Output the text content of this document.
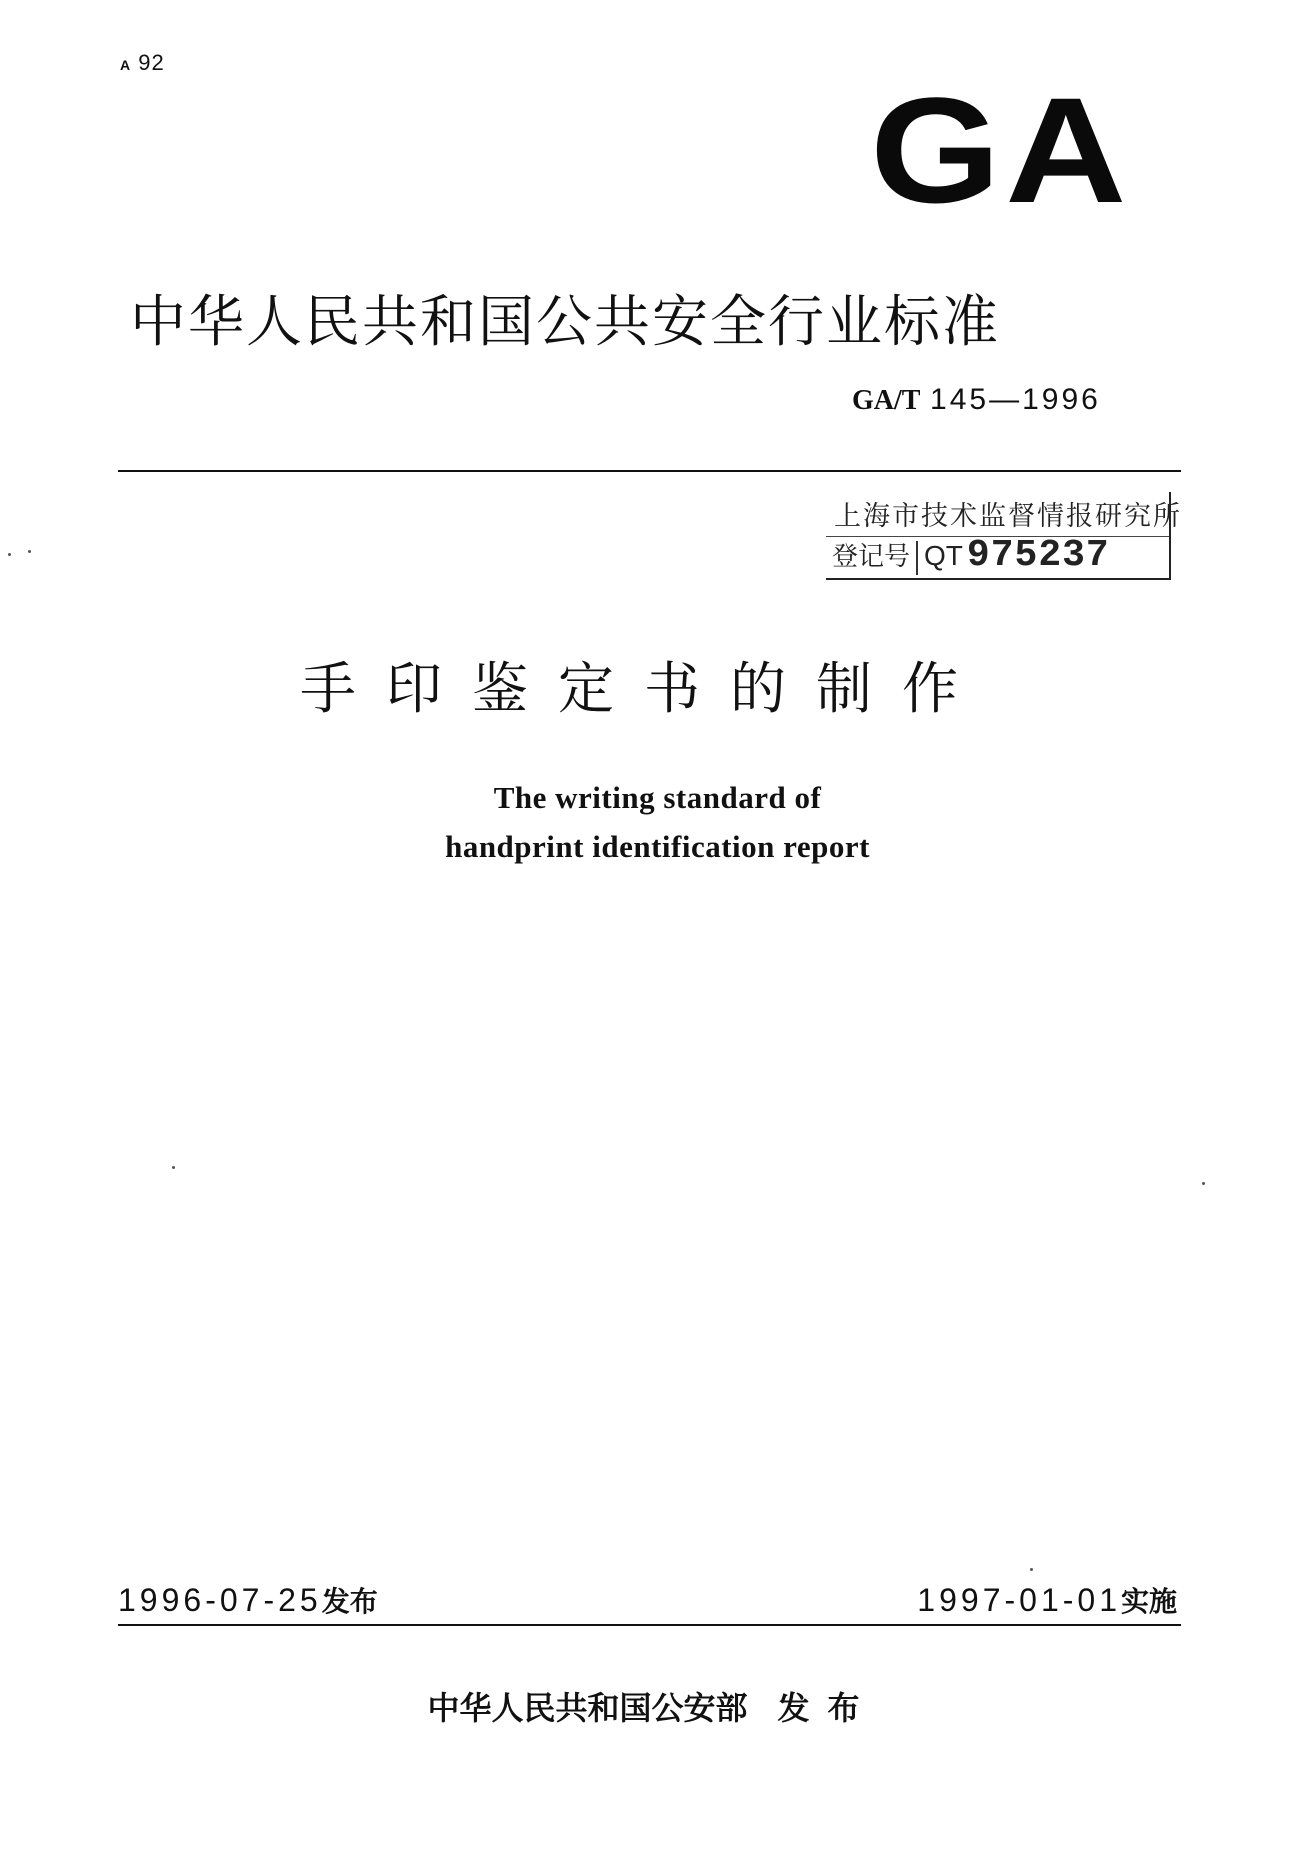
A 92
GA
中华人民共和国公共安全行业标准
GA/T 145—1996
上海市技术监督情报研究所
登记号 QT 975237
手印鉴定书的制作
The writing standard of
handprint identification report
1996-07-25发布	1997-01-01实施
中华人民共和国公安部 发布
